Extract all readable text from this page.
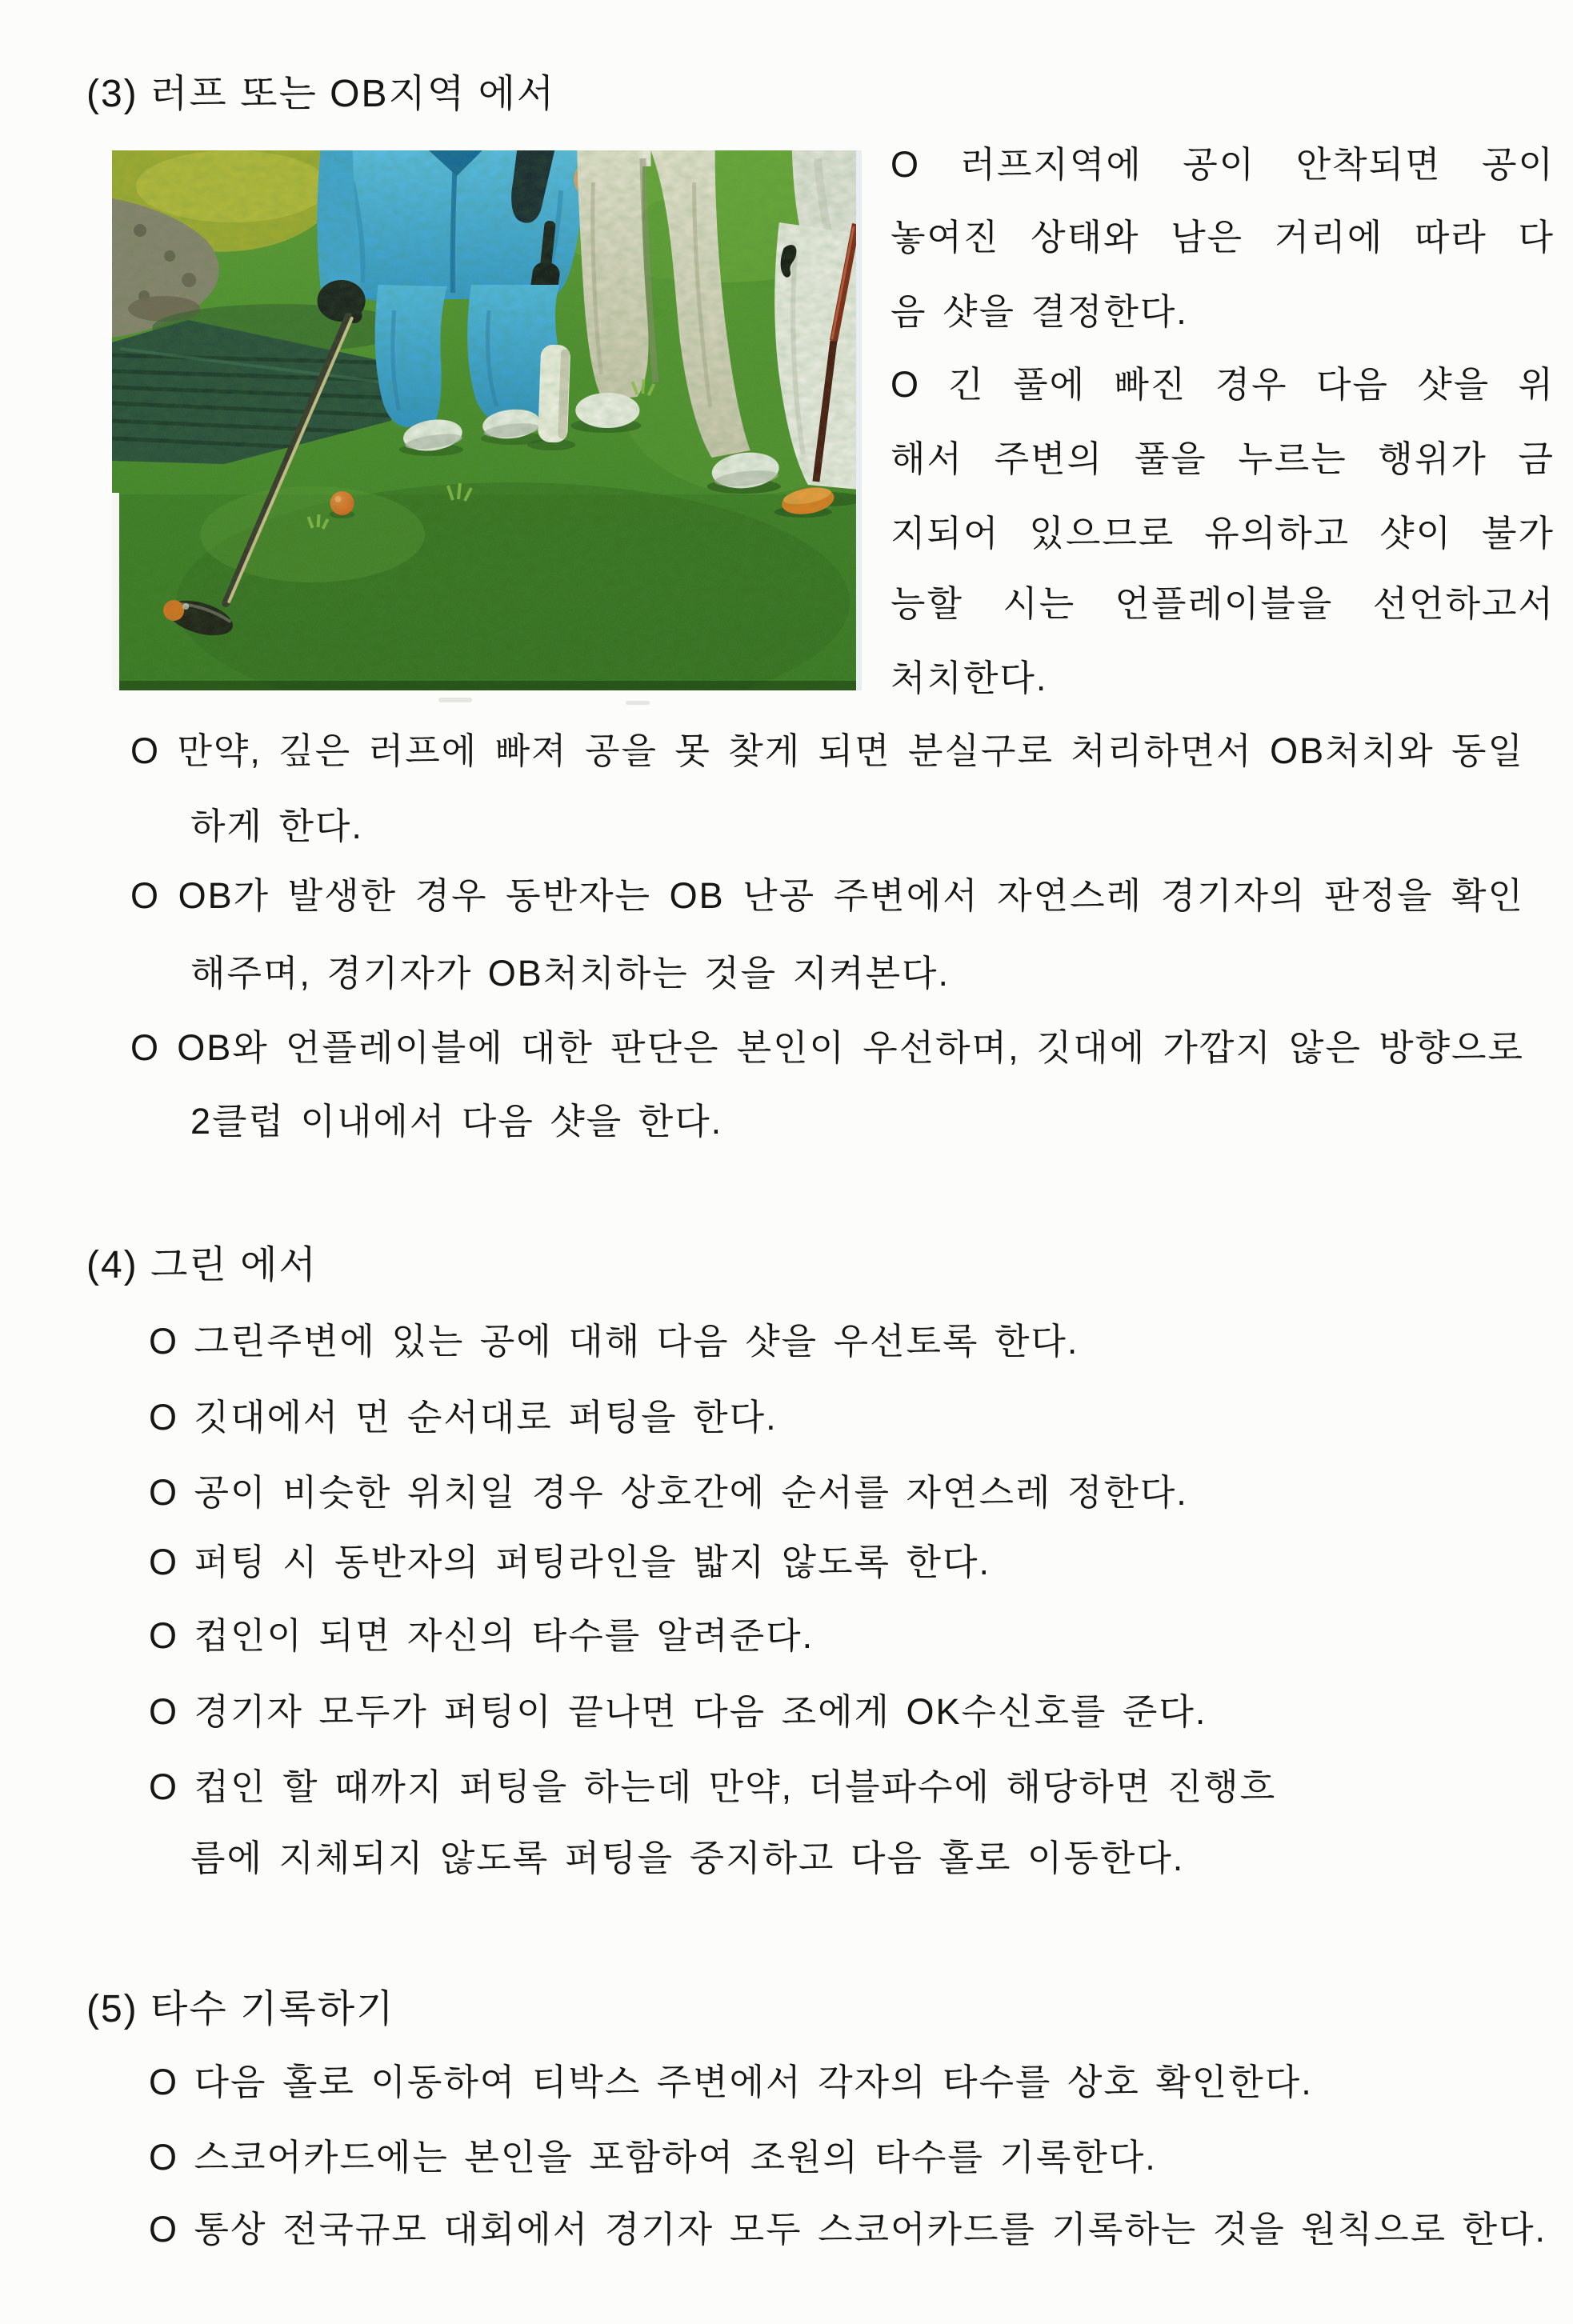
(3) 러프 또는 OB지역 에서
O 러프지역에 공이 안착되면 공이
놓여진 상태와 남은 거리에 따라 다
음 샷을 결정한다.
O 긴 풀에 빠진 경우 다음 샷을 위
해서 주변의 풀을 누르는 행위가 금
지되어 있으므로 유의하고 샷이 불가
능할 시는 언플레이블을 선언하고서
처치한다.
O 만약, 깊은 러프에 빠져 공을 못 찾게 되면 분실구로 처리하면서 OB처치와 동일
하게 한다.
O OB가 발생한 경우 동반자는 OB 난공 주변에서 자연스레 경기자의 판정을 확인
해주며, 경기자가 OB처치하는 것을 지켜본다.
O OB와 언플레이블에 대한 판단은 본인이 우선하며, 깃대에 가깝지 않은 방향으로
2클럽 이내에서 다음 샷을 한다.
(4) 그린 에서
O 그린주변에 있는 공에 대해 다음 샷을 우선토록 한다.
O 깃대에서 먼 순서대로 퍼팅을 한다.
O 공이 비슷한 위치일 경우 상호간에 순서를 자연스레 정한다.
O 퍼팅 시 동반자의 퍼팅라인을 밟지 않도록 한다.
O 컵인이 되면 자신의 타수를 알려준다.
O 경기자 모두가 퍼팅이 끝나면 다음 조에게 OK수신호를 준다.
O 컵인 할 때까지 퍼팅을 하는데 만약, 더블파수에 해당하면 진행흐
름에 지체되지 않도록 퍼팅을 중지하고 다음 홀로 이동한다.
(5) 타수 기록하기
O 다음 홀로 이동하여 티박스 주변에서 각자의 타수를 상호 확인한다.
O 스코어카드에는 본인을 포함하여 조원의 타수를 기록한다.
O 통상 전국규모 대회에서 경기자 모두 스코어카드를 기록하는 것을 원칙으로 한다.
